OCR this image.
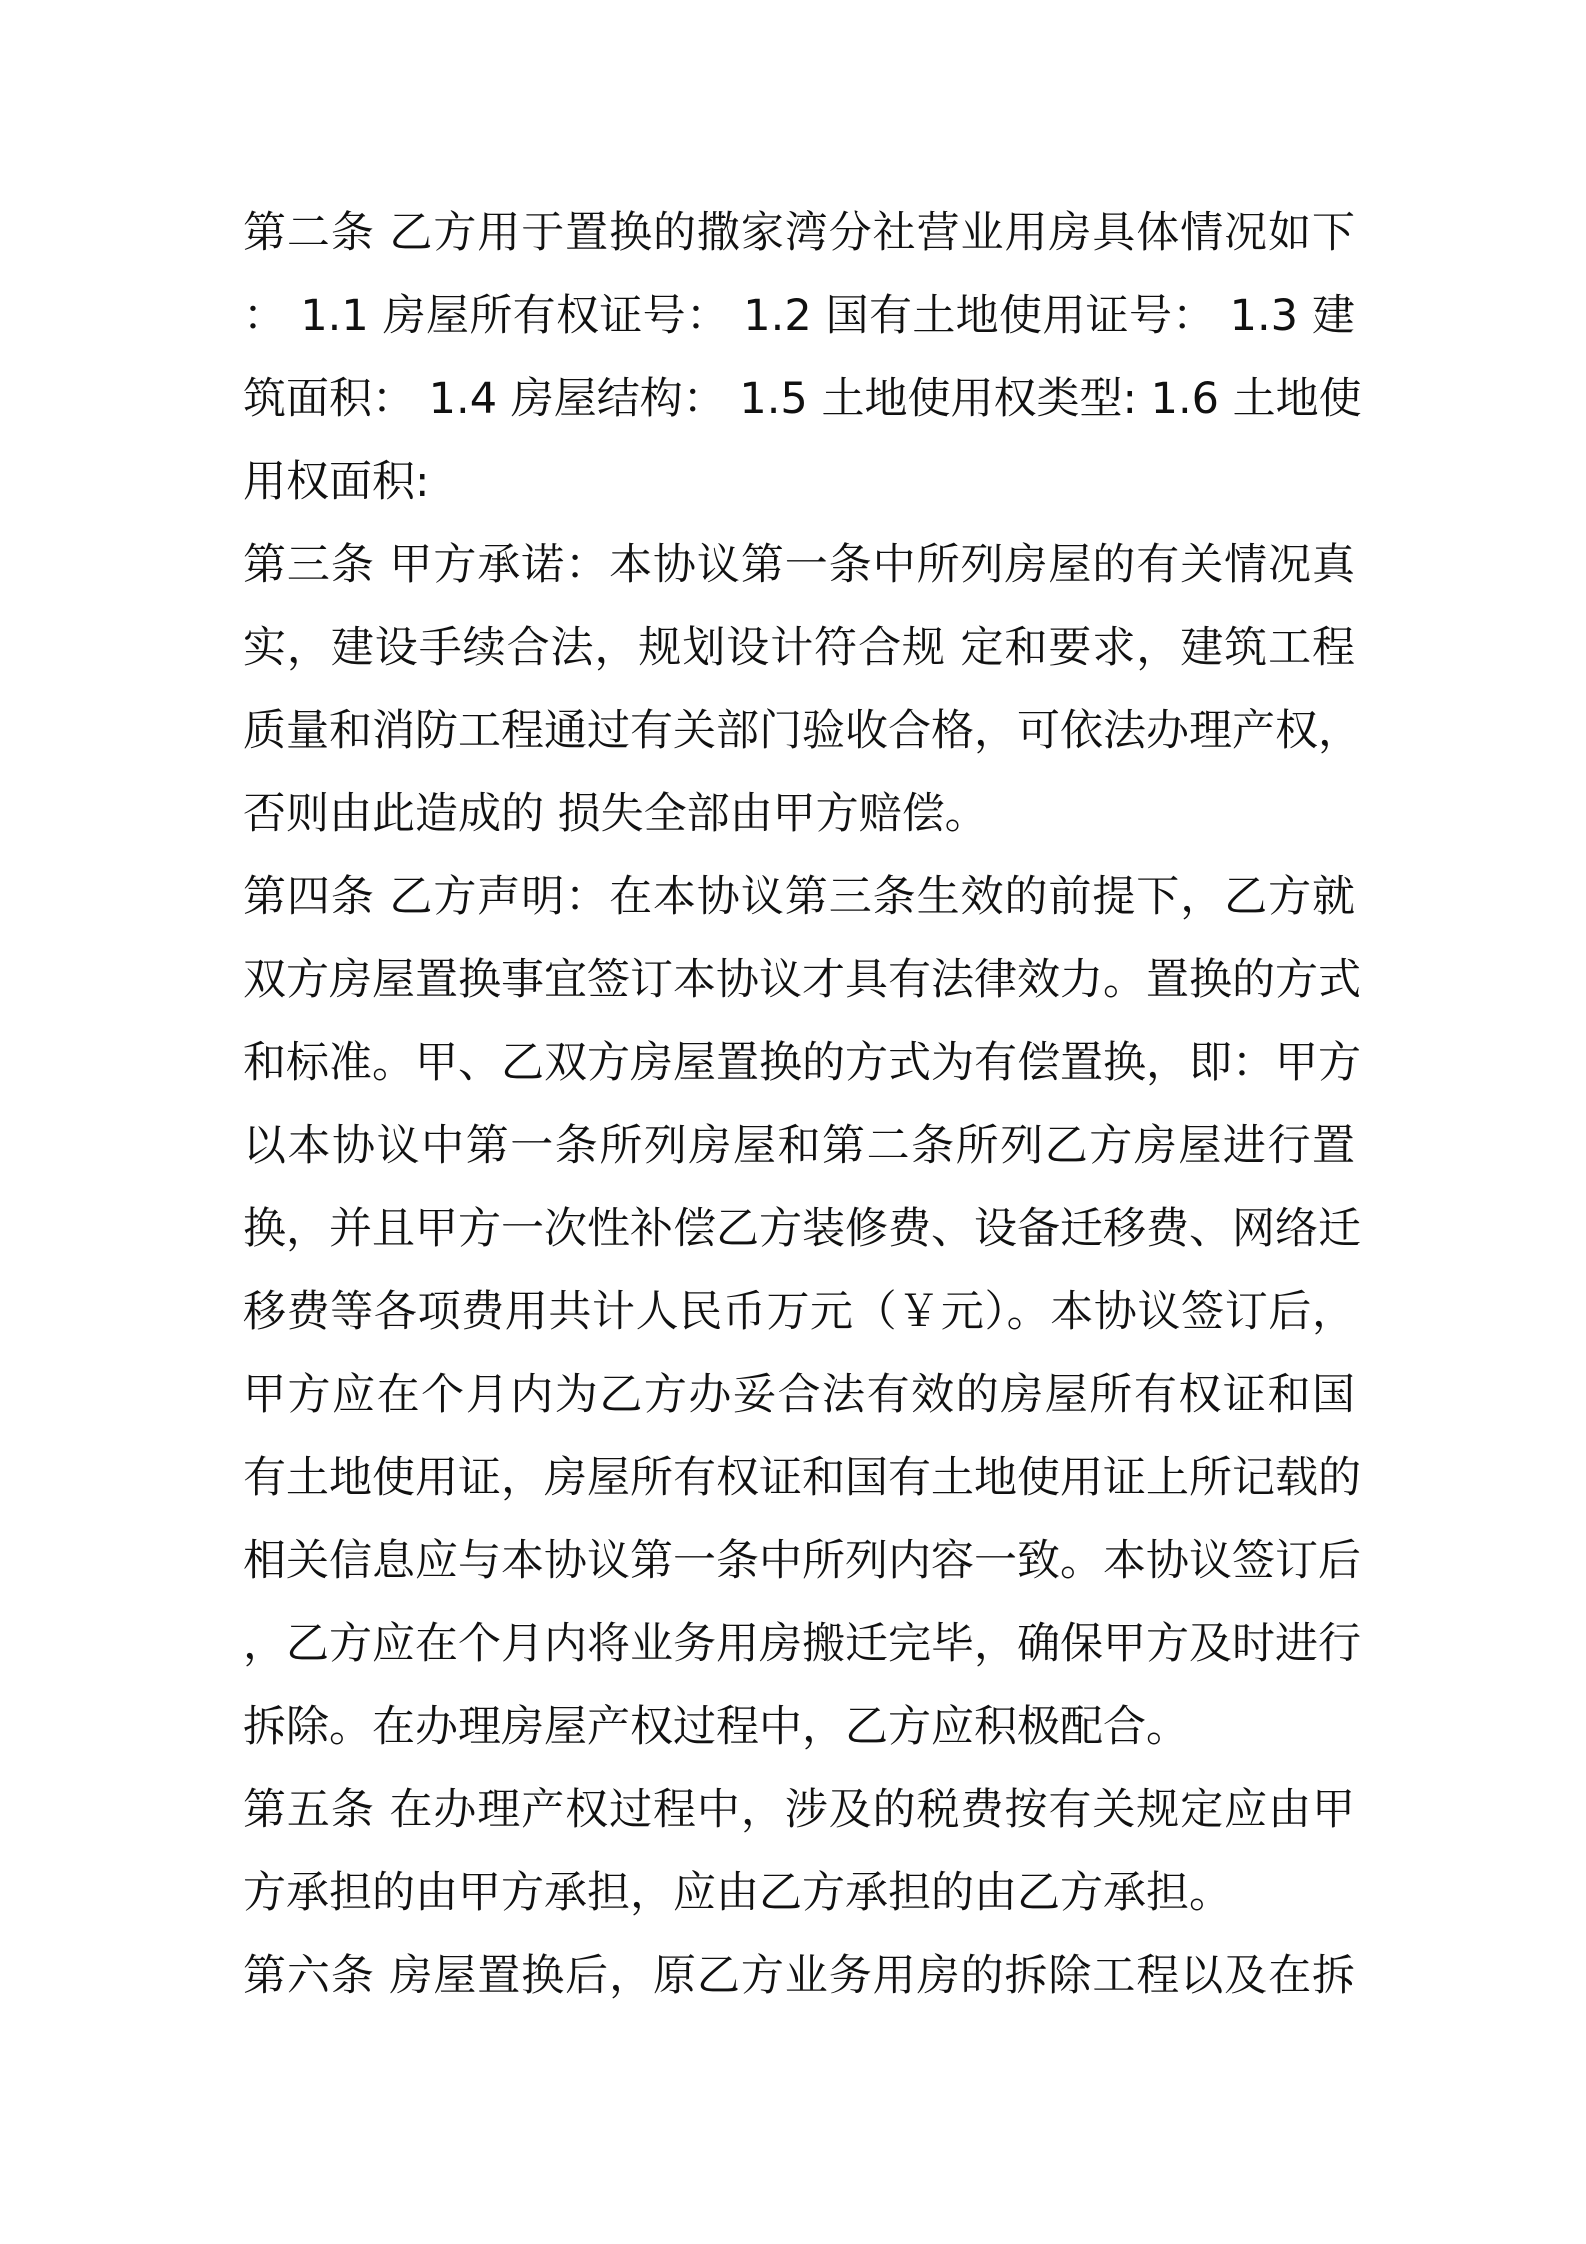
第二条 乙方用于置换的撒家湾分社营业用房具体情况如下
： 1.1 房屋所有权证号： 1.2 国有土地使用证号： 1.3 建
筑面积： 1.4 房屋结构： 1.5 土地使用权类型: 1.6 土地使
用权面积:
第三条 甲方承诺：本协议第一条中所列房屋的有关情况真
实，建设手续合法，规划设计符合规 定和要求，建筑工程
质量和消防工程通过有关部门验收合格，可依法办理产权，
否则由此造成的 损失全部由甲方赔偿。
第四条 乙方声明：在本协议第三条生效的前提下，乙方就
双方房屋置换事宜签订本协议才具有法律效力。置换的方式
和标准。甲、乙双方房屋置换的方式为有偿置换，即：甲方
以本协议中第一条所列房屋和第二条所列乙方房屋进行置
换，并且甲方一次性补偿乙方装修费、设备迁移费、网络迁
移费等各项费用共计人民币万元（￥元）。本协议签订后，
甲方应在个月内为乙方办妥合法有效的房屋所有权证和国
有土地使用证，房屋所有权证和国有土地使用证上所记载的
相关信息应与本协议第一条中所列内容一致。本协议签订后
，乙方应在个月内将业务用房搬迁完毕，确保甲方及时进行
拆除。在办理房屋产权过程中，乙方应积极配合。
第五条 在办理产权过程中，涉及的税费按有关规定应由甲
方承担的由甲方承担，应由乙方承担的由乙方承担。
第六条 房屋置换后，原乙方业务用房的拆除工程以及在拆
